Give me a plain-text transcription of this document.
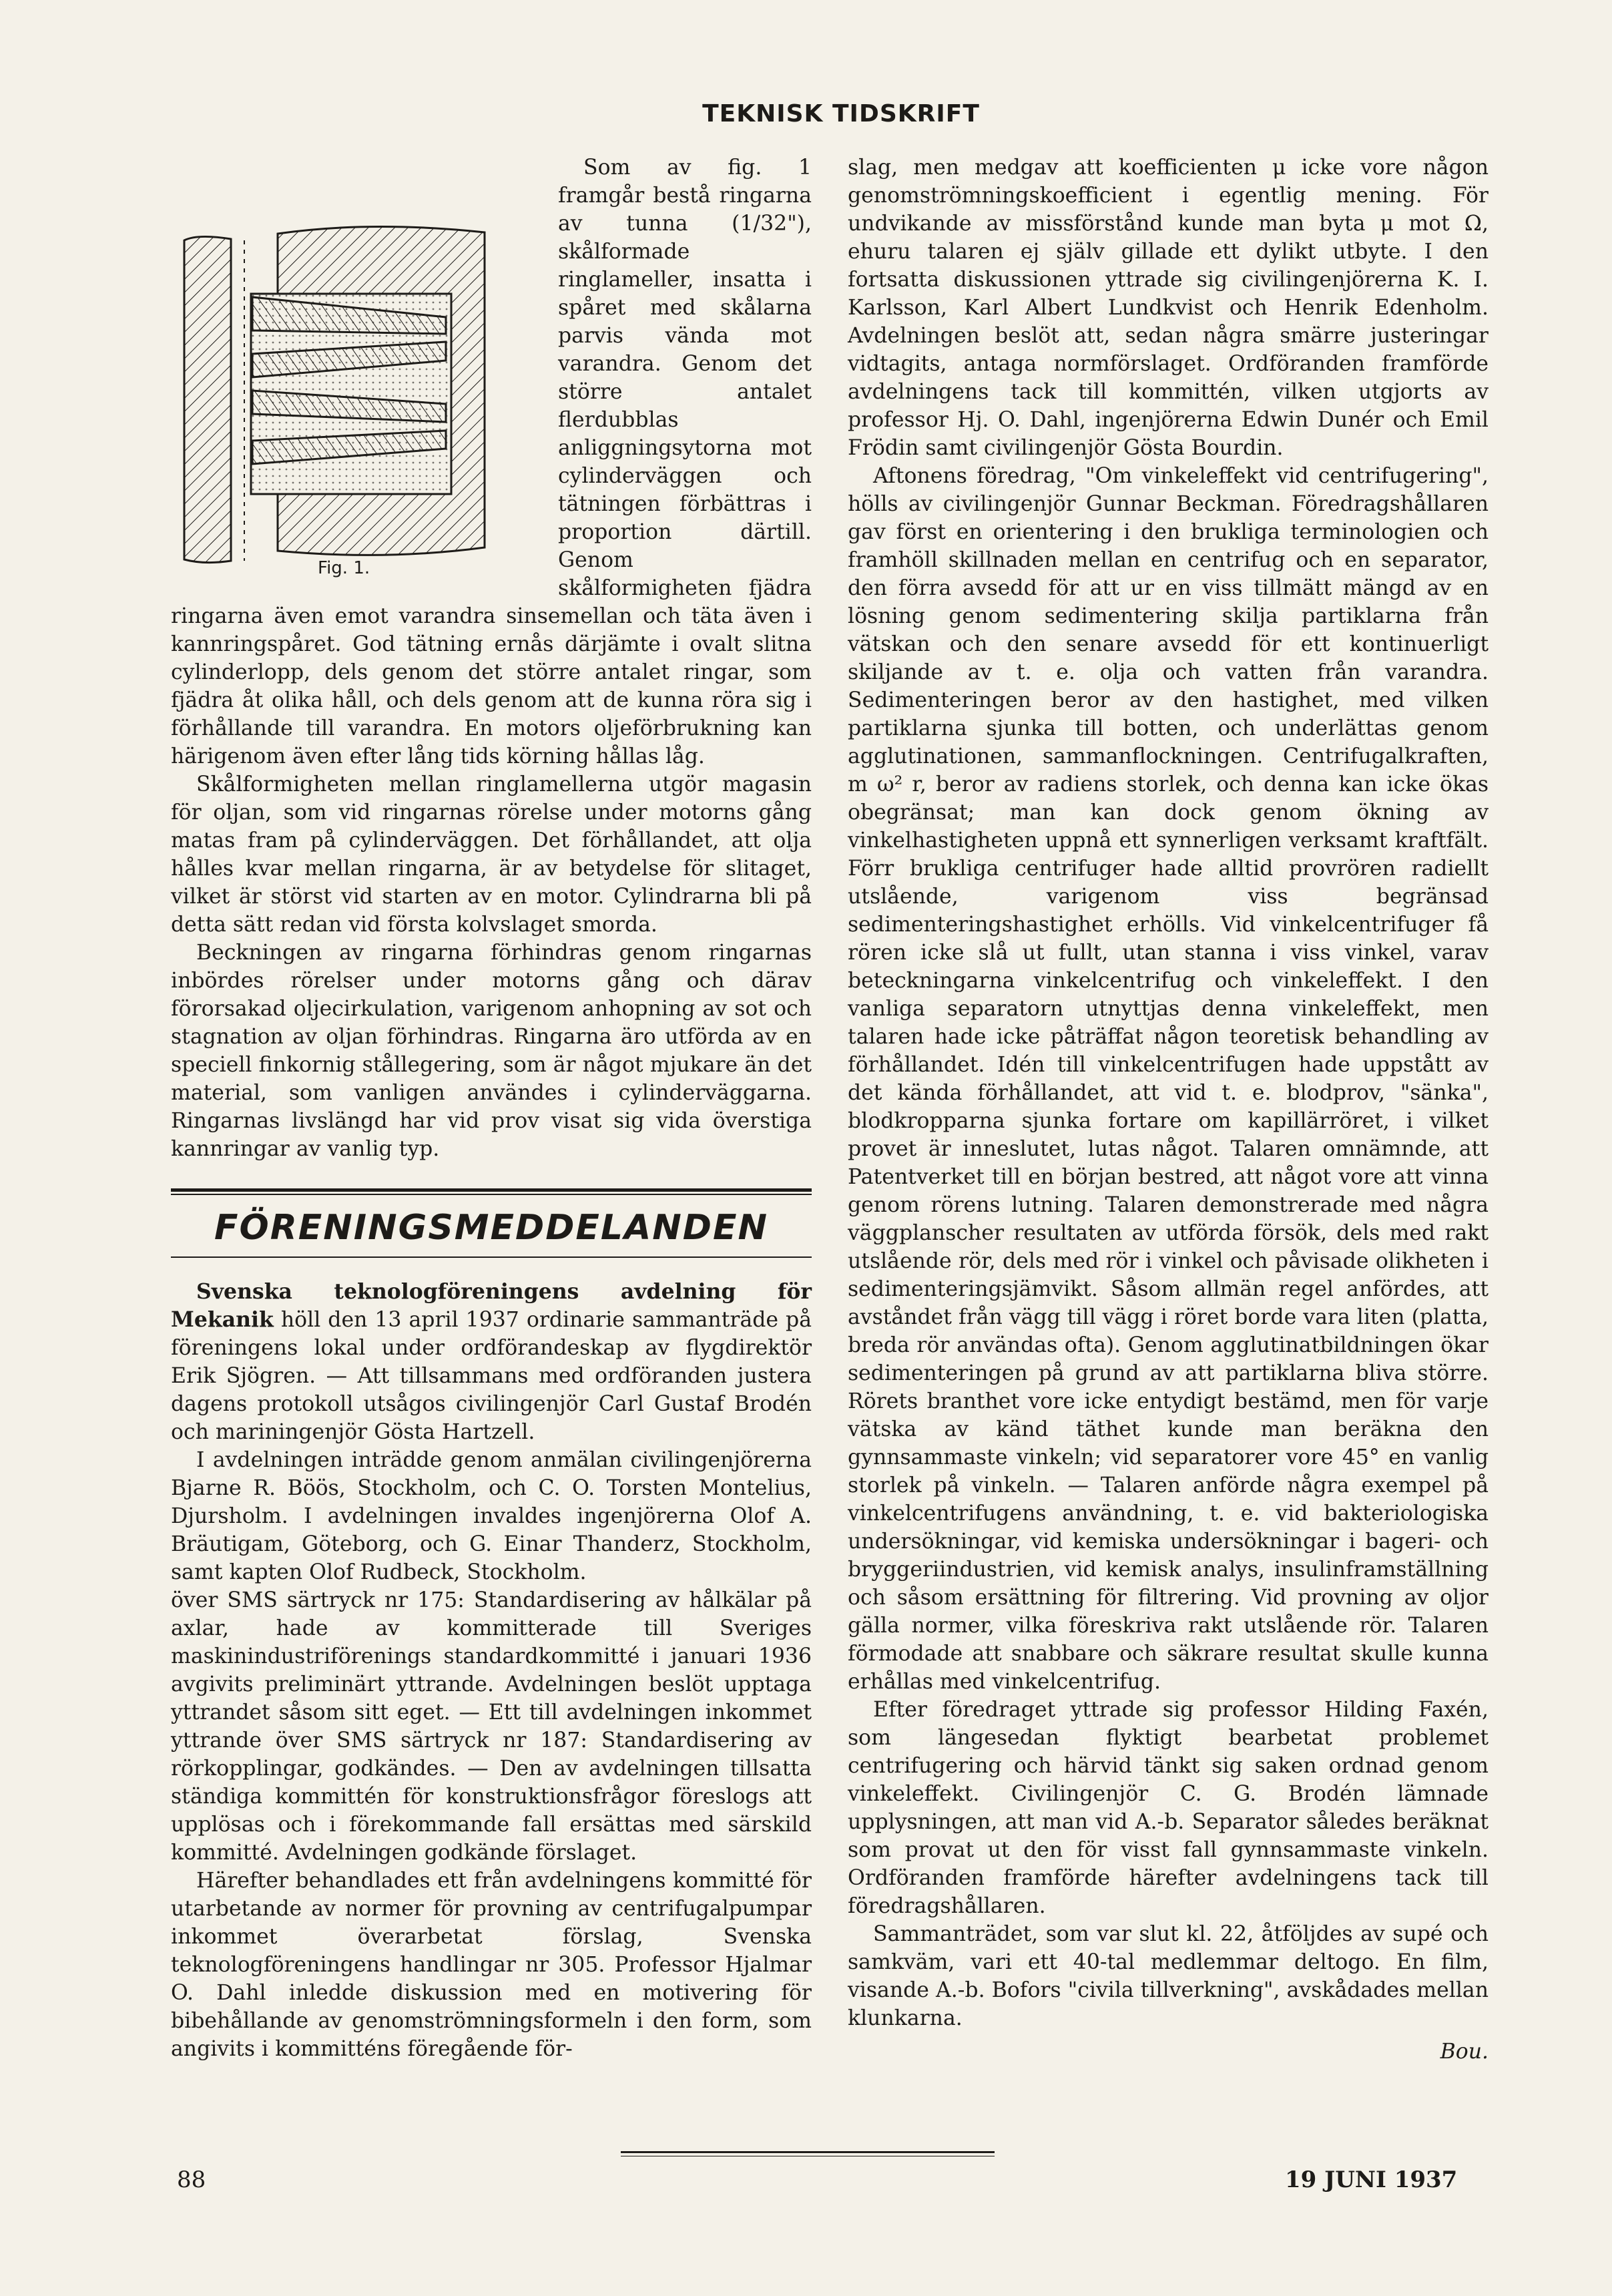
TEKNISK TIDSKRIFT
Fig. 1.

Som av fig. 1 framgår bestå ringarna av tunna (1/32"), skålformade ringlameller, insatta i spåret med skålarna parvis vända mot varandra. Genom det större antalet flerdubblas anliggningsytorna mot cylinderväggen och tätningen förbättras i proportion därtill. Genom skålformigheten fjädra ringarna även emot varandra sinsemellan och täta även i kannringspåret. God tätning ernås därjämte i ovalt slitna cylinderlopp, dels genom det större antalet ringar, som fjädra åt olika håll, och dels genom att de kunna röra sig i förhållande till varandra. En motors oljeförbrukning kan härigenom även efter lång tids körning hållas låg.

Skålformigheten mellan ringlamellerna utgör magasin för oljan, som vid ringarnas rörelse under motorns gång matas fram på cylinderväggen. Det förhållandet, att olja hålles kvar mellan ringarna, är av betydelse för slitaget, vilket är störst vid starten av en motor. Cylindrarna bli på detta sätt redan vid första kolvslaget smorda.

Beckningen av ringarna förhindras genom ringarnas inbördes rörelser under motorns gång och därav förorsakad oljecirkulation, varigenom anhopning av sot och stagnation av oljan förhindras. Ringarna äro utförda av en speciell finkornig stållegering, som är något mjukare än det material, som vanligen användes i cylinderväggarna. Ringarnas livslängd har vid prov visat sig vida överstiga kannringar av vanlig typ.

FÖRENINGSMEDDELANDEN

Svenska teknologföreningens avdelning för Mekanik höll den 13 april 1937 ordinarie sammanträde på föreningens lokal under ordförandeskap av flygdirektör Erik Sjögren. — Att tillsammans med ordföranden justera dagens protokoll utsågos civilingenjör Carl Gustaf Brodén och mariningenjör Gösta Hartzell.

I avdelningen inträdde genom anmälan civilingenjörerna Bjarne R. Böös, Stockholm, och C. O. Torsten Montelius, Djursholm. I avdelningen invaldes ingenjörerna Olof A. Bräutigam, Göteborg, och G. Einar Thanderz, Stockholm, samt kapten Olof Rudbeck, Stockholm.

över SMS särtryck nr 175: Standardisering av hålkälar på axlar, hade av kommitterade till Sveriges maskinindustriförenings standardkommitté i januari 1936 avgivits preliminärt yttrande. Avdelningen beslöt upptaga yttrandet såsom sitt eget. — Ett till avdelningen inkommet yttrande över SMS särtryck nr 187: Standardisering av rörkopplingar, godkändes. — Den av avdelningen tillsatta ständiga kommittén för konstruktionsfrågor föreslogs att upplösas och i förekommande fall ersättas med särskild kommitté. Avdelningen godkände förslaget.

Härefter behandlades ett från avdelningens kommitté för utarbetande av normer för provning av centrifugalpumpar inkommet överarbetat förslag, Svenska teknologföreningens handlingar nr 305. Professor Hjalmar O. Dahl inledde diskussion med en motivering för bibehållande av genomströmningsformeln i den form, som angivits i kommitténs föregående för-

slag, men medgav att koefficienten μ icke vore någon genomströmningskoefficient i egentlig mening. För undvikande av missförstånd kunde man byta μ mot Ω, ehuru talaren ej själv gillade ett dylikt utbyte. I den fortsatta diskussionen yttrade sig civilingenjörerna K. I. Karlsson, Karl Albert Lundkvist och Henrik Edenholm. Avdelningen beslöt att, sedan några smärre justeringar vidtagits, antaga normförslaget. Ordföranden framförde avdelningens tack till kommittén, vilken utgjorts av professor Hj. O. Dahl, ingenjörerna Edwin Dunér och Emil Frödin samt civilingenjör Gösta Bourdin.

Aftonens föredrag, "Om vinkeleffekt vid centrifugering", hölls av civilingenjör Gunnar Beckman. Föredragshållaren gav först en orientering i den brukliga terminologien och framhöll skillnaden mellan en centrifug och en separator, den förra avsedd för att ur en viss tillmätt mängd av en lösning genom sedimentering skilja partiklarna från vätskan och den senare avsedd för ett kontinuerligt skiljande av t. e. olja och vatten från varandra. Sedimenteringen beror av den hastighet, med vilken partiklarna sjunka till botten, och underlättas genom agglutinationen, sammanflockningen. Centrifugalkraften, m ω² r, beror av radiens storlek, och denna kan icke ökas obegränsat; man kan dock genom ökning av vinkelhastigheten uppnå ett synnerligen verksamt kraftfält. Förr brukliga centrifuger hade alltid provrören radiellt utslående, varigenom viss begränsad sedimenteringshastighet erhölls. Vid vinkelcentrifuger få rören icke slå ut fullt, utan stanna i viss vinkel, varav beteckningarna vinkelcentrifug och vinkeleffekt. I den vanliga separatorn utnyttjas denna vinkeleffekt, men talaren hade icke påträffat någon teoretisk behandling av förhållandet. Idén till vinkelcentrifugen hade uppstått av det kända förhållandet, att vid t. e. blodprov, "sänka", blodkropparna sjunka fortare om kapillärröret, i vilket provet är inneslutet, lutas något. Talaren omnämnde, att Patentverket till en början bestred, att något vore att vinna genom rörens lutning. Talaren demonstrerade med några väggplanscher resultaten av utförda försök, dels med rakt utslående rör, dels med rör i vinkel och påvisade olikheten i sedimenteringsjämvikt. Såsom allmän regel anfördes, att avståndet från vägg till vägg i röret borde vara liten (platta, breda rör användas ofta). Genom agglutinatbildningen ökar sedimenteringen på grund av att partiklarna bliva större. Rörets branthet vore icke entydigt bestämd, men för varje vätska av känd täthet kunde man beräkna den gynnsammaste vinkeln; vid separatorer vore 45° en vanlig storlek på vinkeln. — Talaren anförde några exempel på vinkelcentrifugens användning, t. e. vid bakteriologiska undersökningar, vid kemiska undersökningar i bageri- och bryggeriindustrien, vid kemisk analys, insulinframställning och såsom ersättning för filtrering. Vid provning av oljor gälla normer, vilka föreskriva rakt utslående rör. Talaren förmodade att snabbare och säkrare resultat skulle kunna erhållas med vinkelcentrifug.

Efter föredraget yttrade sig professor Hilding Faxén, som längesedan flyktigt bearbetat problemet centrifugering och härvid tänkt sig saken ordnad genom vinkeleffekt. Civilingenjör C. G. Brodén lämnade upplysningen, att man vid A.-b. Separator således beräknat som provat ut den för visst fall gynnsammaste vinkeln. Ordföranden framförde härefter avdelningens tack till föredragshållaren.

Sammanträdet, som var slut kl. 22, åtföljdes av supé och samkväm, vari ett 40-tal medlemmar deltogo. En film, visande A.-b. Bofors "civila tillverkning", avskådades mellan klunkarna.

Bou.
88	19 JUNI 1937
